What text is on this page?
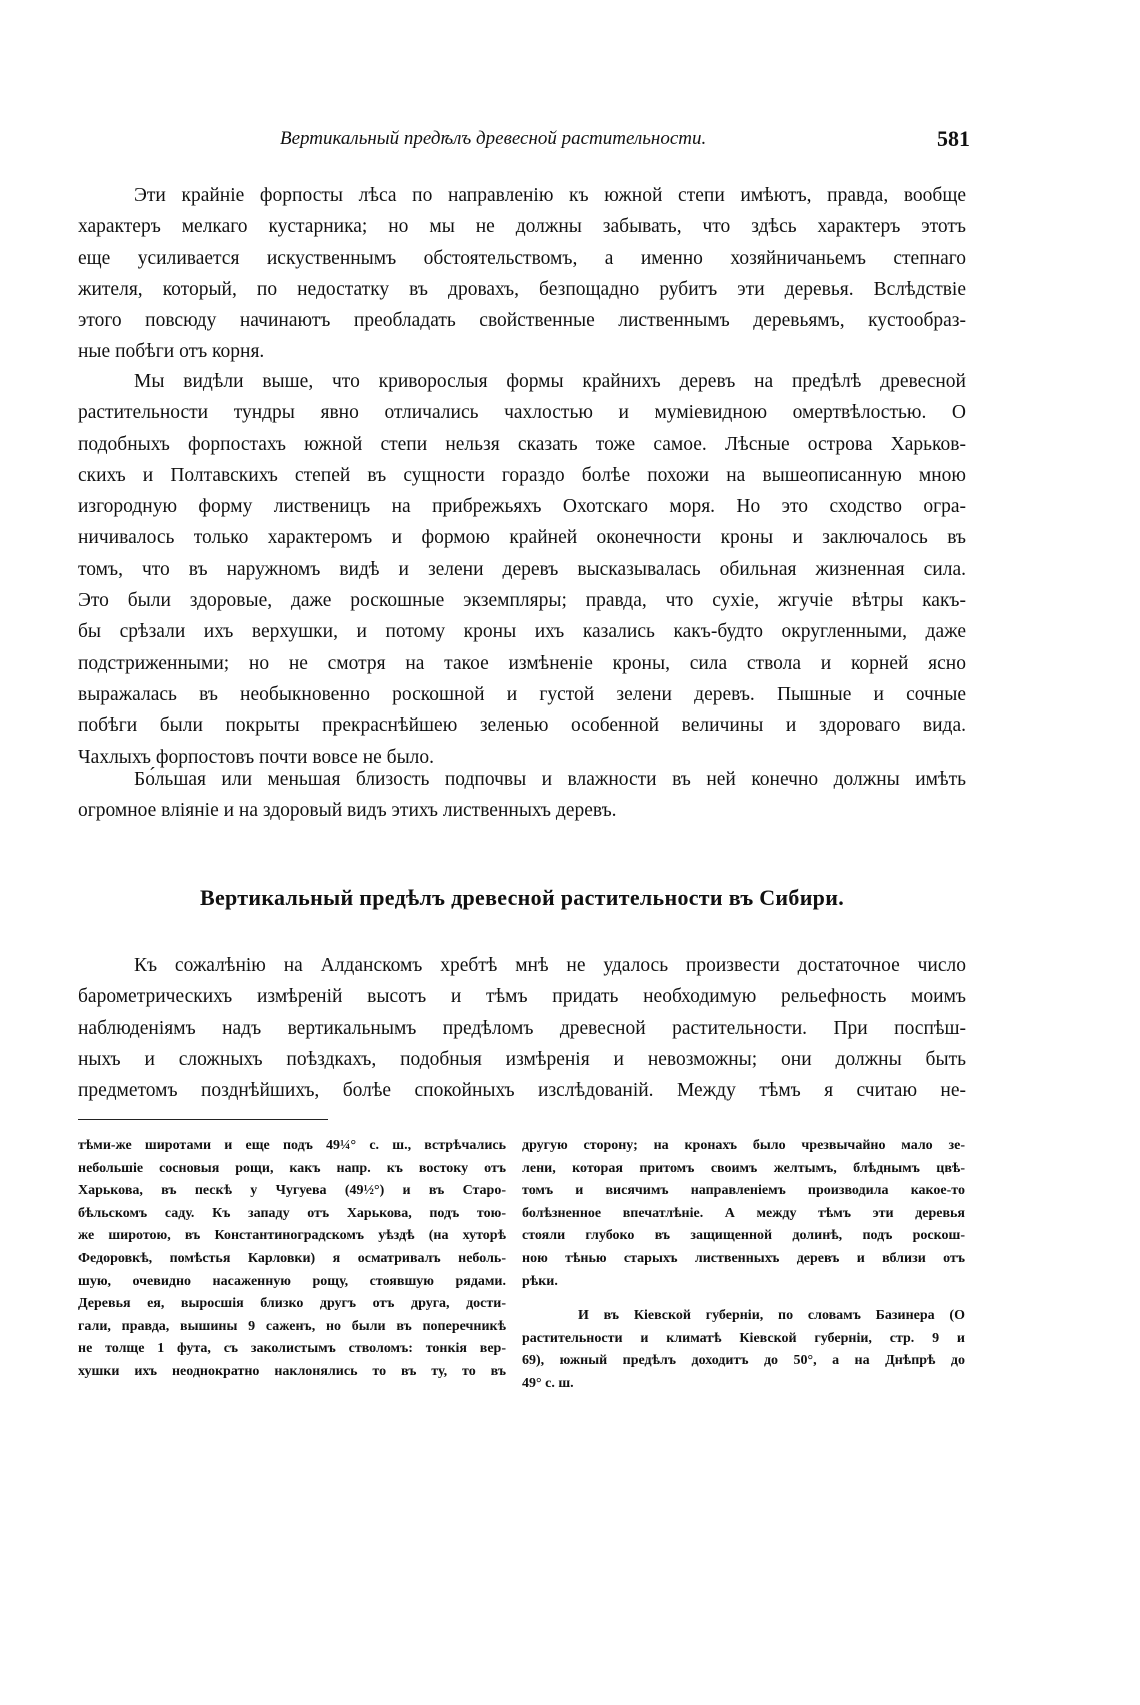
Вертикальный предѣлъ древесной растительности.	581
Эти крайніе форпосты лѣса по направленію къ южной степи имѣютъ, правда, вообще
характеръ мелкаго кустарника; но мы не должны забывать, что здѣсь характеръ этотъ
еще усиливается искуственнымъ обстоятельствомъ, а именно хозяйничаньемъ степнаго
жителя, который, по недостатку въ дровахъ, безпощадно рубитъ эти деревья. Вслѣдствіе
этого повсюду начинаютъ преобладать свойственные лиственнымъ деревьямъ, кустообраз-
ные побѣги отъ корня.
Мы видѣли выше, что криворослыя формы крайнихъ деревъ на предѣлѣ древесной
растительности тундры явно отличались чахлостью и муміевидною омертвѣлостью. О
подобныхъ форпостахъ южной степи нельзя сказать тоже самое. Лѣсные острова Харьков-
скихъ и Полтавскихъ степей въ сущности гораздо болѣе похожи на вышеописанную мною
изгородную форму лиственицъ на прибрежьяхъ Охотскаго моря. Но это сходство огра-
ничивалось только характеромъ и формою крайней оконечности кроны и заключалось въ
томъ, что въ наружномъ видѣ и зелени деревъ высказывалась обильная жизненная сила.
Это были здоровые, даже роскошные экземпляры; правда, что сухіе, жгучіе вѣтры какъ-
бы срѣзали ихъ верхушки, и потому кроны ихъ казались какъ-будто округленными, даже
подстриженными; но не смотря на такое измѣненіе кроны, сила ствола и корней ясно
выражалась въ необыкновенно роскошной и густой зелени деревъ. Пышные и сочные
побѣги были покрыты прекраснѣйшею зеленью особенной величины и здороваго вида.
Чахлыхъ форпостовъ почти вовсе не было.
Бо́льшая или меньшая близость подпочвы и влажности въ ней конечно должны имѣть
огромное вліяніе и на здоровый видъ этихъ лиственныхъ деревъ.
Вертикальный предѣлъ древесной растительности въ Сибири.
Къ сожалѣнію на Алданскомъ хребтѣ мнѣ не удалось произвести достаточное число
барометрическихъ измѣреній высотъ и тѣмъ придать необходимую рельефность моимъ
наблюденіямъ надъ вертикальнымъ предѣломъ древесной растительности. При поспѣш-
ныхъ и сложныхъ поѣздкахъ, подобныя измѣренія и невозможны; они должны быть
предметомъ позднѣйшихъ, болѣе спокойныхъ изслѣдованій. Между тѣмъ я считаю не-
тѣми-же широтами и еще подъ 49¼° с. ш., встрѣчались
небольшіе сосновыя рощи, какъ напр. къ востоку отъ
Харькова, въ пескѣ у Чугуева (49½°) и въ Старо-
бѣльскомъ саду. Къ западу отъ Харькова, подъ тою-
же широтою, въ Константиноградскомъ уѣздѣ (на хуторѣ
Федоровкѣ, помѣстья Карловки) я осматривалъ неболь-
шую, очевидно насаженную рощу, стоявшую рядами.
Деревья ея, выросшія близко другъ отъ друга, дости-
гали, правда, вышины 9 саженъ, но были въ поперечникѣ
не толще 1 фута, съ заколистымъ стволомъ: тонкія вер-
хушки ихъ неоднократно наклонялись то въ ту, то въ
другую сторону; на кронахъ было чрезвычайно мало зе-
лени, которая притомъ своимъ желтымъ, блѣднымъ цвѣ-
томъ и висячимъ направленіемъ производила какое-то
болѣзненное впечатлѣніе. А между тѣмъ эти деревья
стояли глубоко въ защищенной долинѣ, подъ роскош-
ною тѣнью старыхъ лиственныхъ деревъ и вблизи отъ
рѣки.
И въ Кіевской губерніи, по словамъ Базинера (О
растительности и климатѣ Кіевской губерніи, стр. 9 и
69), южный предѣлъ доходитъ до 50°, а на Днѣпрѣ до
49° с. ш.
